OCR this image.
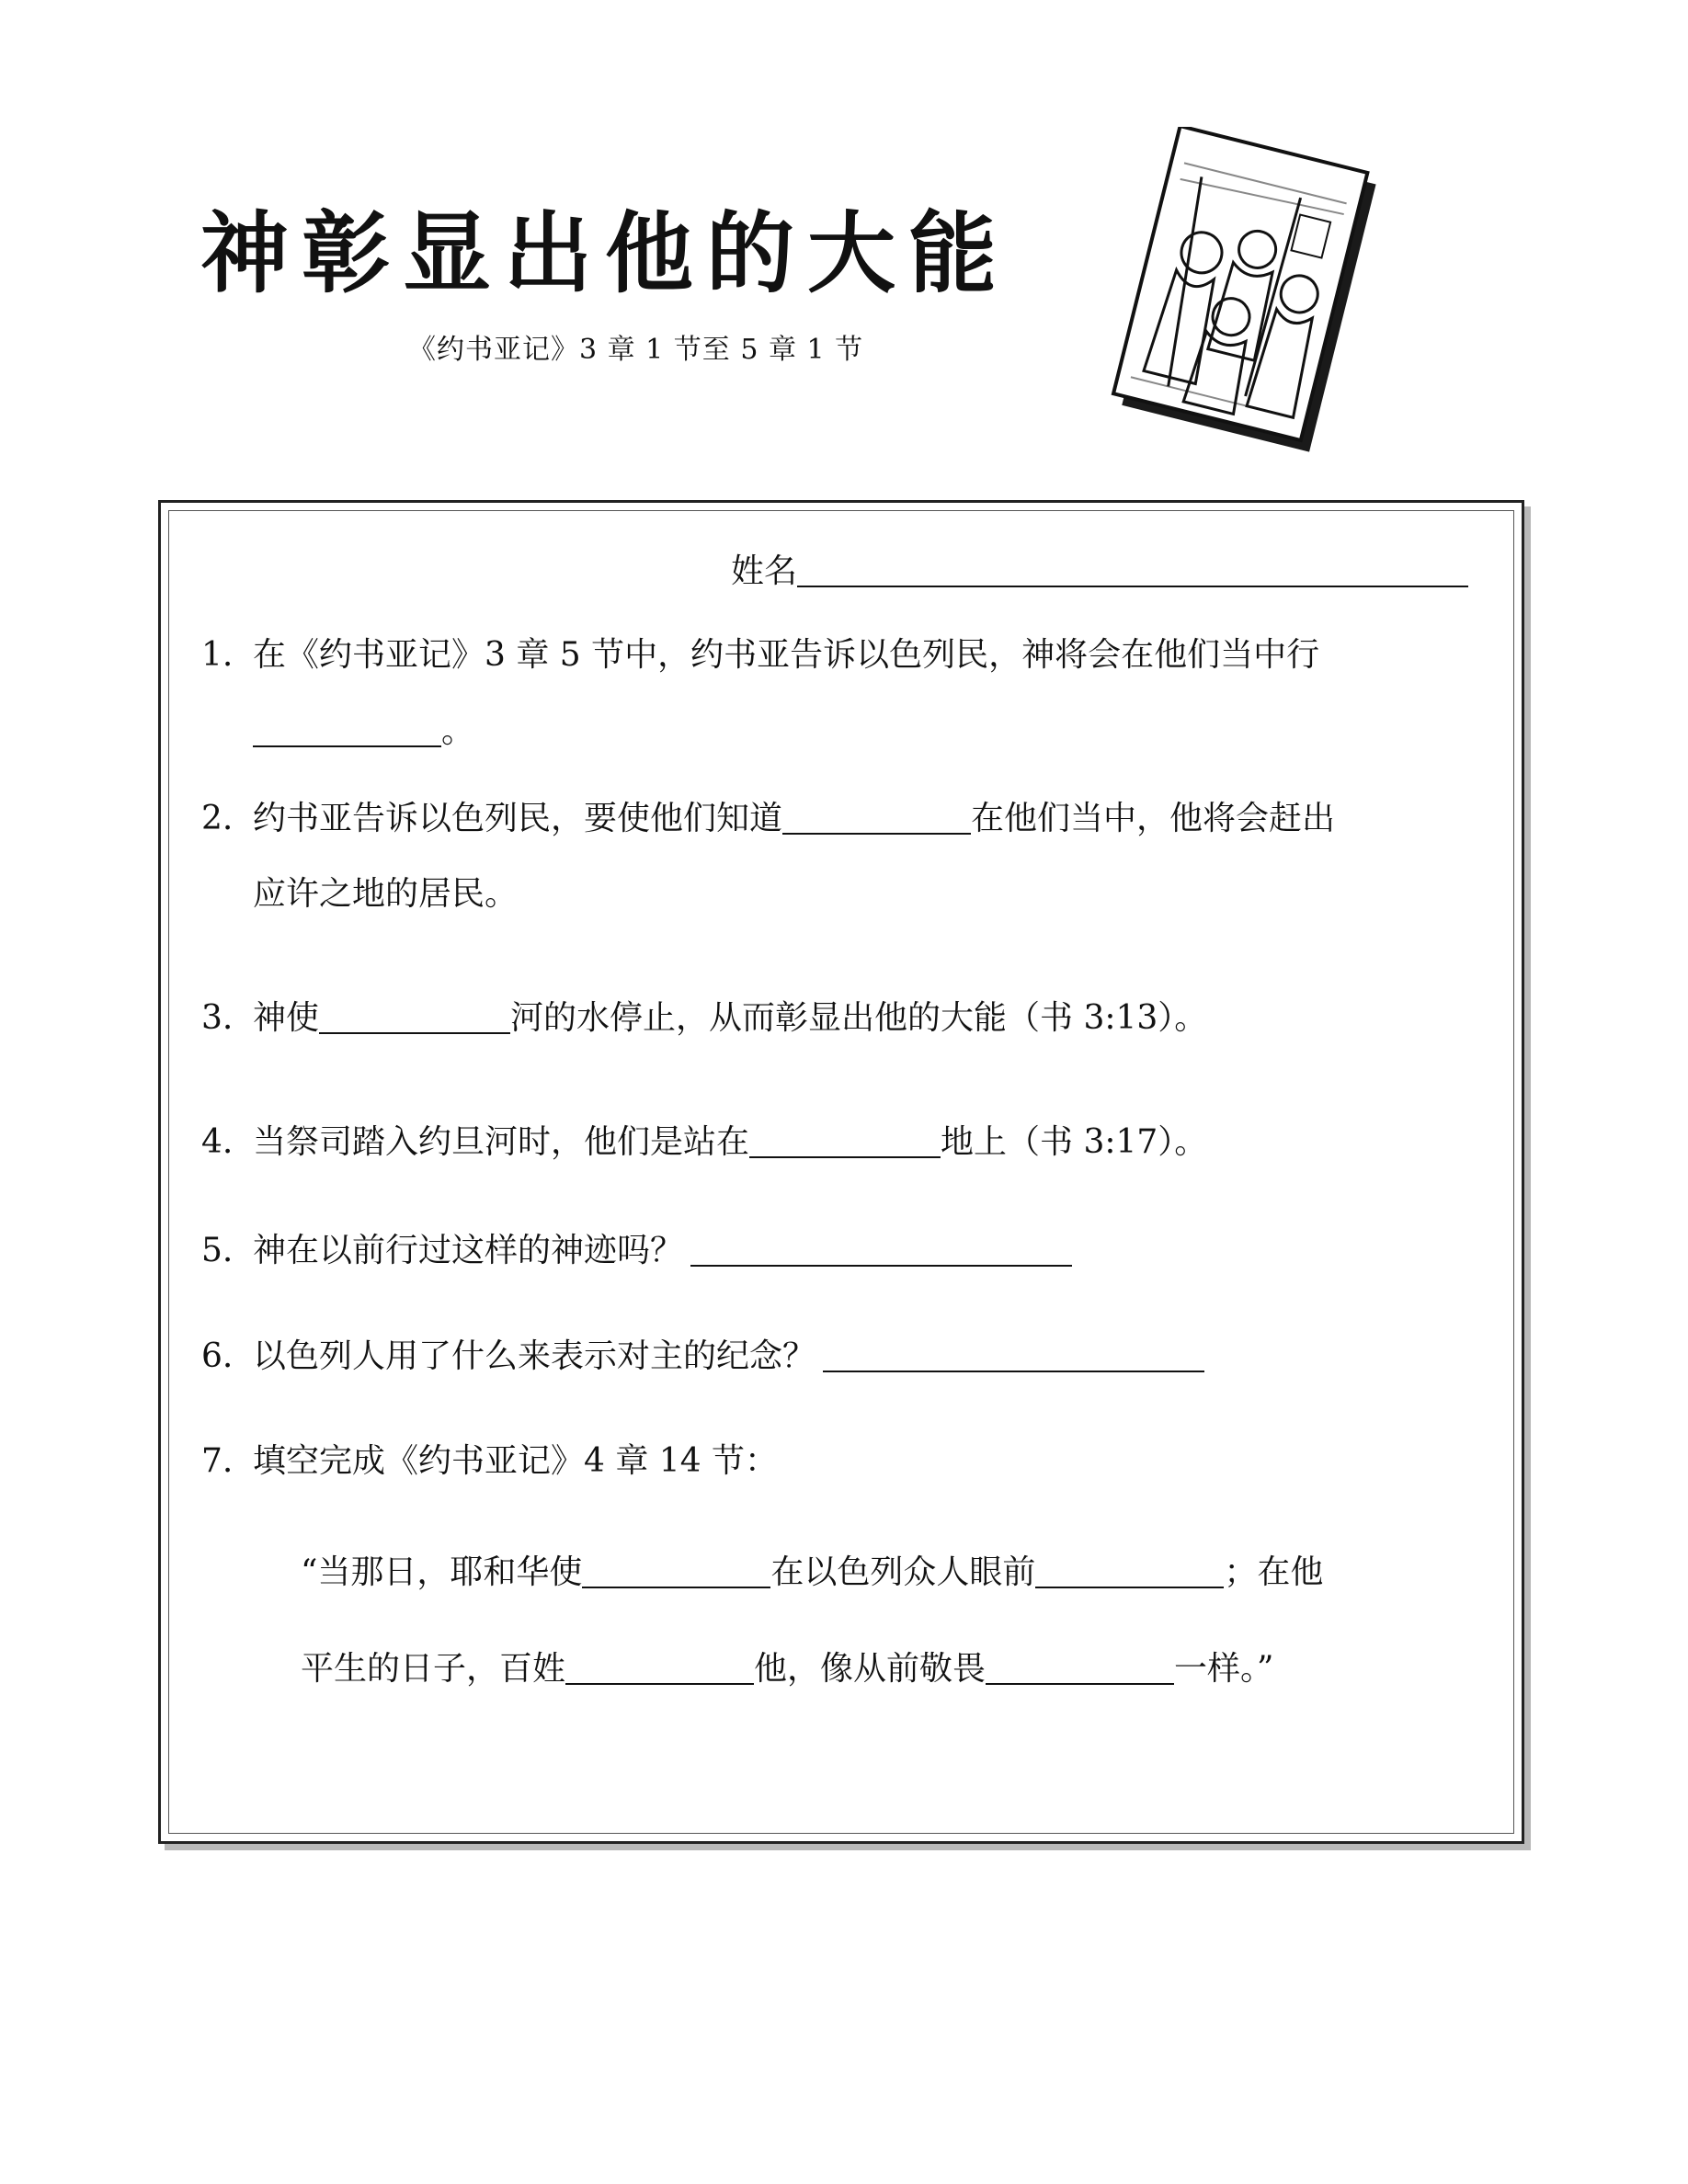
神彰显出他的大能
《约书亚记》3 章 1 节至 5 章 1 节
姓名
1. 在《约书亚记》3 章 5 节中，约书亚告诉以色列民，神将会在他们当中行
。
2. 约书亚告诉以色列民，要使他们知道	在他们当中，他将会赶出
应许之地的居民。
3. 神使	河的水停止，从而彰显出他的大能（书 3:13）。
4. 当祭司踏入约旦河时，他们是站在	地上（书 3:17）。
5. 神在以前行过这样的神迹吗？
6. 以色列人用了什么来表示对主的纪念？
7. 填空完成《约书亚记》4 章 14 节：
“当那日，耶和华使	在以色列众人眼前	；在他
平生的日子，百姓	他，像从前敬畏	一样。”
